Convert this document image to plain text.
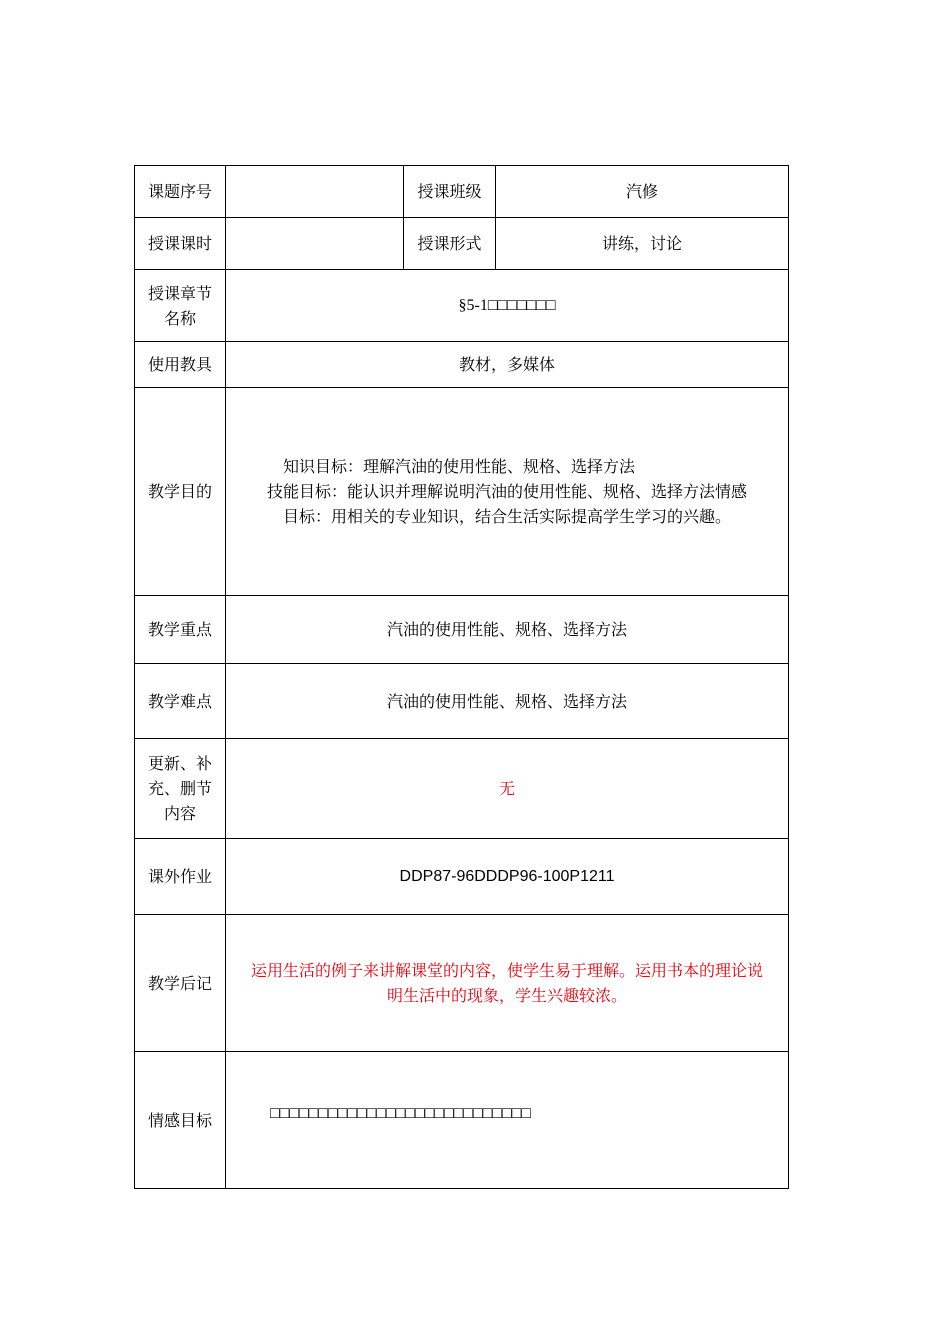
课题序号		授课班级	汽修
授课课时		授课形式	讲练，讨论
授课章节
名称	§5-1□□□□□□□		
使用教具	教材，多媒体		
教学目的	知识目标：理解汽油的使用性能、规格、选择方法
技能目标：能认识并理解说明汽油的使用性能、规格、选择方法情感
目标：用相关的专业知识，结合生活实际提高学生学习的兴趣。		

教学重点	汽油的使用性能、规格、选择方法		
教学难点	汽油的使用性能、规格、选择方法		
更新、补
充、删节
内容	无		
课外作业	DDP87-96DDDP96-100P1211		
教学后记	运用生活的例子来讲解课堂的内容，使学生易于理解。运用书本的理论说
明生活中的现象，学生兴趣较浓。		
情感目标	□□□□□□□□□□□□□□□□□□□□□□□□□□□		
